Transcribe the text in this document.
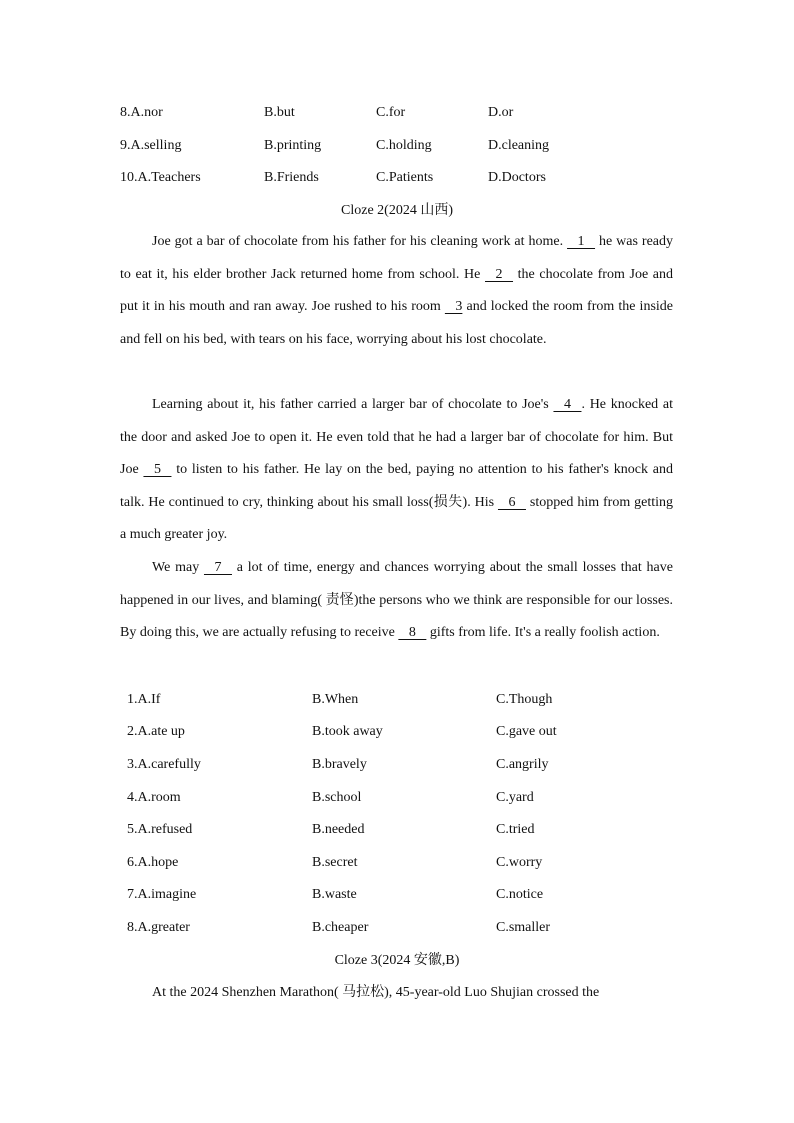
8.A.nor	B.but	C.for	D.or
9.A.selling	B.printing	C.holding	D.cleaning
10.A.Teachers	B.Friends	C.Patients	D.Doctors
Cloze 2(2024 山西)

Joe got a bar of chocolate from his father for his cleaning work at home.    1    he was ready to eat it, his elder brother Jack returned home from school. He    2    the chocolate from Joe and put it in his mouth and ran away. Joe rushed to his room    3 and locked the room from the inside and fell on his bed, with tears on his face, worrying about his lost chocolate.

Learning about it, his father carried a larger bar of chocolate to Joe's    4   . He knocked at the door and asked Joe to open it. He even told that he had a larger bar of chocolate for him. But Joe    5    to listen to his father. He lay on the bed, paying no attention to his father's knock and talk. He continued to cry, thinking about his small loss(损失). His    6    stopped him from getting a much greater joy.

We may    7    a lot of time, energy and chances worrying about the small losses that have happened in our lives, and blaming( 责怪)the persons who we think are responsible for our losses. By doing this, we are actually refusing to receive    8    gifts from life. It's a really foolish action.

1.A.If	B.When	C.Though
2.A.ate up	B.took away	C.gave out
3.A.carefully	B.bravely	C.angrily
4.A.room	B.school	C.yard
5.A.refused	B.needed	C.tried
6.A.hope	B.secret	C.worry
7.A.imagine	B.waste	C.notice
8.A.greater	B.cheaper	C.smaller
Cloze 3(2024 安徽,B)

At the 2024 Shenzhen Marathon( 马拉松), 45-year-old Luo Shujian crossed the
